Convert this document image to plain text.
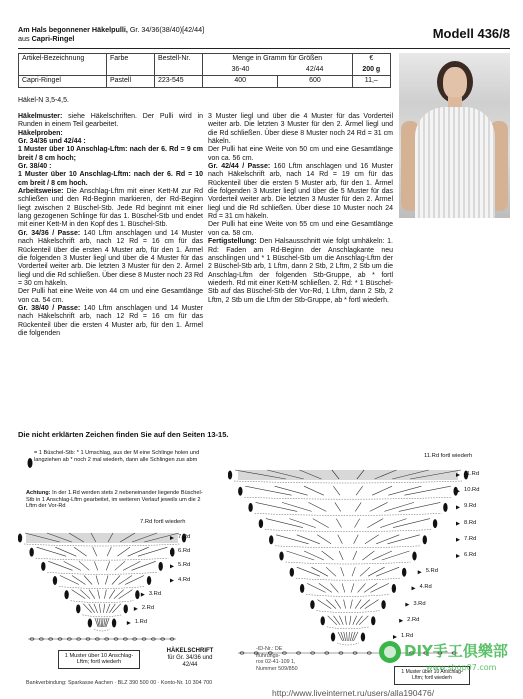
Am Hals begonnener Häkelpulli, Gr. 34/36(38/40)[42/44]
aus Capri-Ringel	Modell 436/8
Artikel-Bezeichnung	Farbe	Bestell-Nr.	Menge in Gramm für Größen		€
			36-40	42/44	200 g
Capri-Ringel	Pastell	223-545	400	600	11,–
Häkel-N 3,5-4,5.

Häkelmuster: siehe Häkelschriften. Der Pulli wird in Runden in einem Teil gearbeitet.

Häkelproben:

Gr. 34/36 und 42/44 :

1 Muster über 10 Anschlag-Lftm: nach der 6. Rd = 9 cm breit / 8 cm hoch;

Gr. 38/40 :

1 Muster über 10 Anschlag-Lftm: nach der 6. Rd = 10 cm breit / 8 cm hoch.

Arbeitsweise: Die Anschlag-Lftm mit einer Kett-M zur Rd schließen und den Rd-Beginn markieren, der Rd-Beginn liegt zwischen 2 Büschel-Stb. Jede Rd beginnt mit einer lang gezogenen Schlinge für das 1. Büschel-Stb und endet mit einer Kett-M in den Kopf des 1. Büschel-Stb.

Gr. 34/36 / Passe: 140 Lftm anschlagen und 14 Muster nach Häkelschrift arb, nach 12 Rd = 16 cm für das Rückenteil über die ersten 4 Muster arb, für den 1. Ärmel die folgenden 3 Muster liegl und über die 4 Muster für das Vorderteil weiter arb. Die letzten 3 Muster für den 2. Ärmel liegl und die Rd schließen. Über diese 8 Muster noch 23 Rd = 30 cm häkeln.

Der Pulli hat eine Weite von 44 cm und eine Gesamtlänge von ca. 54 cm.

Gr. 38/40 / Passe: 140 Lftm anschlagen und 14 Muster nach Häkelschrift arb, nach 12 Rd = 16 cm für das Rückenteil über die ersten 4 Muster arb, für den 1. Ärmel die folgenden

3 Muster liegl und über die 4 Muster für das Vorderteil weiter arb. Die letzten 3 Muster für den 2. Ärmel liegl und die Rd schließen. Über diese 8 Muster noch 24 Rd = 31 cm häkeln.

Der Pulli hat eine Weite von 50 cm und eine Gesamtlänge von ca. 56 cm.

Gr. 42/44 / Passe: 160 Lftm anschlagen und 16 Muster nach Häkelschrift arb, nach 14 Rd = 19 cm für das Rückenteil über die ersten 5 Muster arb, für den 1. Ärmel die folgenden 3 Muster liegl und über die 5 Muster für das Vorderteil weiter arb. Die letzten 3 Muster für den 2. Ärmel liegl und die Rd schließen. Über diese 10 Muster noch 24 Rd = 31 cm häkeln.

Der Pulli hat eine Weite von 55 cm und eine Gesamtlänge von ca. 58 cm.

Fertigstellung: Den Halsausschnitt wie folgt umhäkeln: 1. Rd: Faden am Rd-Beginn der Anschlagkante neu anschlingen und * 1 Büschel-Stb um die Anschlag-Lftm der 2 Büschel-Stb arb, 1 Lftm, dann 2 Stb, 2 Lftm, 2 Stb um die Anschlag-Lftm der folgenden Stb-Gruppe, ab * fortl wiederh. Rd mit einer Kett-M schließen. 2. Rd: * 1 Büschel-Stb auf das Büschel-Stb der Vor-Rd, 1 Lftm, dann 2 Stb, 2 Lftm, 2 Stb um die Lftm der Stb-Gruppe, ab * fortl wiederh.

Die nicht erklärten Zeichen finden Sie auf den Seiten 13-15.
= 1 Büschel-Stb: * 1 Umschlag, aus der M eine Schlinge holen und langziehen ab * noch 2 mal wiederh, dann alle Schlingen zus abm
Achtung: In der 1.Rd werden stets 2 nebeneinander liegende Büschel-Stb in 1 Anschlag-Lftm gearbeitet, im weiteren Verlauf jeweils um die 2 Lftm der Vor-Rd
7.Rd fortl wiederh
7.Rd
6.Rd
5.Rd
4.Rd
3.Rd
2.Rd
1.Rd
1 Muster über 10 Anschlag-Lftm; fortl wiederh
HÄKELSCHRIFT
für Gr. 34/36 und 42/44
11.Rd fortl wiederh
11.Rd
10.Rd
9.Rd
8.Rd
7.Rd
6.Rd
5.Rd
4.Rd
3.Rd
2.Rd
1.Rd
1 Muster über 10 Anschlag-Lftm; fortl wiederh
-ID-Nr.: DE
fführungs-
rox 02-41-109 1,
Nummer 509/850
DIY手工俱樂部
www.shop07.com
Bankverbindung: Sparkasse Aachen · BLZ 390 500 00 · Konto-Nr. 10 304 700
http://www.liveinternet.ru/users/alla190476/
